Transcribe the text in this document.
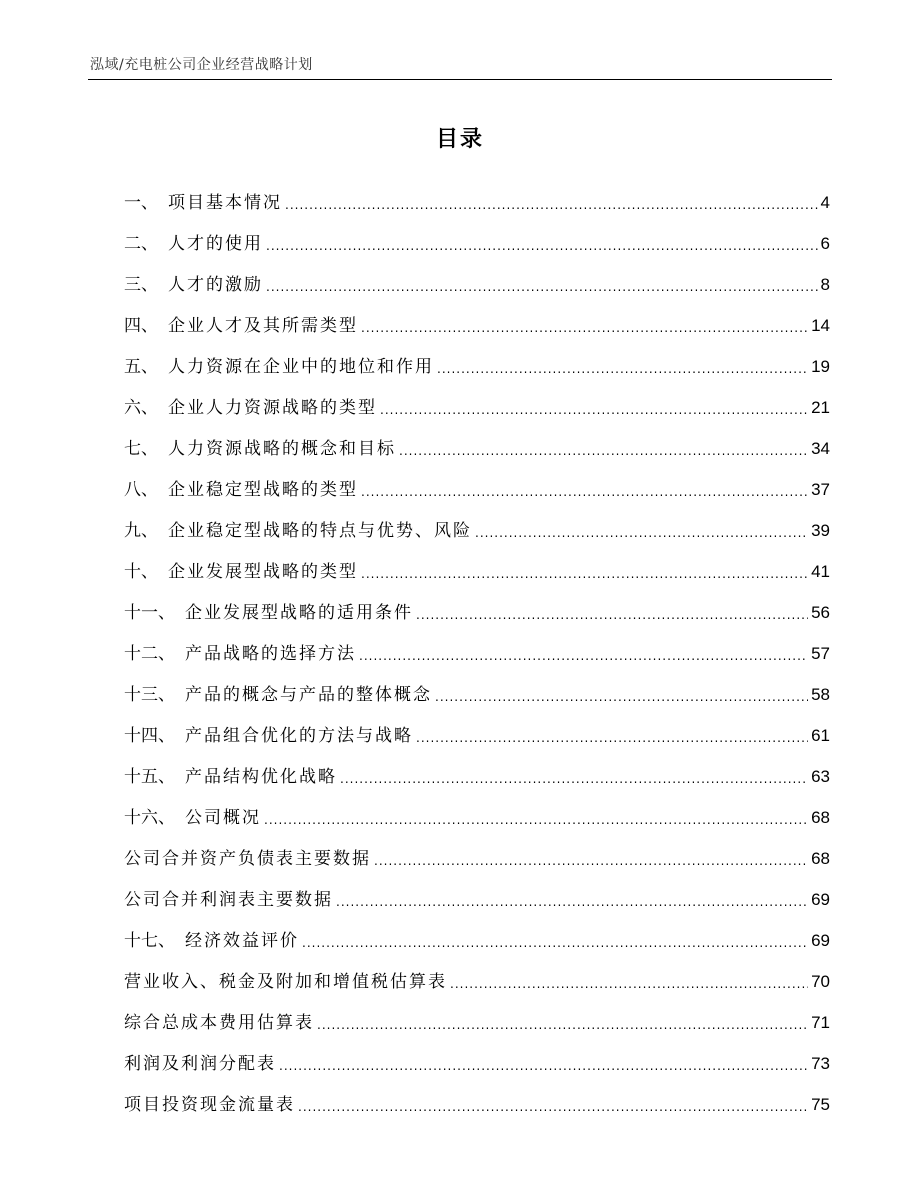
泓域/充电桩公司企业经营战略计划
目录
一、 项目基本情况 .....	4
二、 人才的使用 .....	6
三、 人才的激励 .....	8
四、 企业人才及其所需类型 .....	14
五、 人力资源在企业中的地位和作用 .....	19
六、 企业人力资源战略的类型 .....	21
七、 人力资源战略的概念和目标 .....	34
八、 企业稳定型战略的类型 .....	37
九、 企业稳定型战略的特点与优势、风险 .....	39
十、 企业发展型战略的类型 .....	41
十一、 企业发展型战略的适用条件 .....	56
十二、 产品战略的选择方法 .....	57
十三、 产品的概念与产品的整体概念 .....	58
十四、 产品组合优化的方法与战略 .....	61
十五、 产品结构优化战略 .....	63
十六、 公司概况 .....	68
公司合并资产负债表主要数据 .....	68
公司合并利润表主要数据 .....	69
十七、 经济效益评价 .....	69
营业收入、税金及附加和增值税估算表 .....	70
综合总成本费用估算表 .....	71
利润及利润分配表 .....	73
项目投资现金流量表 .....	75
